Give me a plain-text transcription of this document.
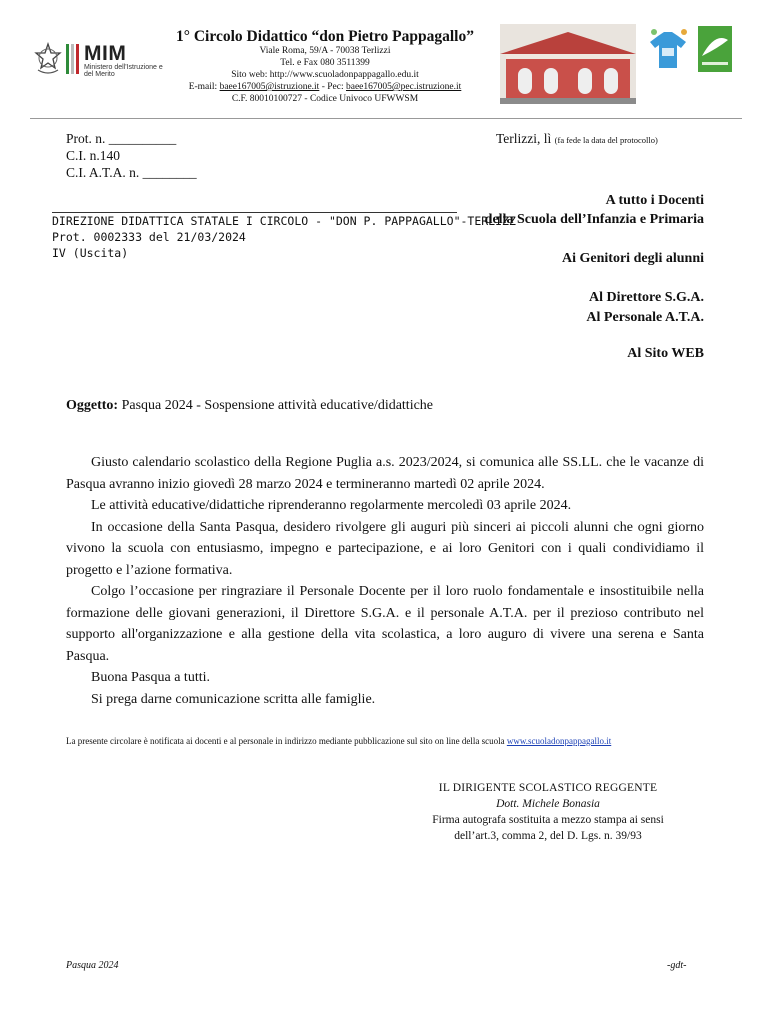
MIM
Ministero dell'Istruzione e del Merito
1° Circolo Didattico “don Pietro Pappagallo”
Viale Roma, 59/A - 70038 Terlizzi
Tel. e Fax 080 3511399
Sito web: http://www.scuoladonpappagallo.edu.it
E-mail: baee167005@istruzione.it - Pec: baee167005@pec.istruzione.it
C.F. 80010100727 - Codice Univoco UFWWSM
Prot. n. __________
C.I. n.140
C.I. A.T.A. n. ________
Terlizzi, lì (fa fede la data del protocollo)
DIREZIONE DIDATTICA STATALE I CIRCOLO - "DON P. PAPPAGALLO"-TERLIZZ
Prot. 0002333 del 21/03/2024
IV (Uscita)
A tutto i Docenti
della Scuola dell’Infanzia e Primaria
Ai Genitori degli alunni
Al Direttore S.G.A.
Al Personale A.T.A.
Al Sito WEB
Oggetto: Pasqua 2024 - Sospensione attività educative/didattiche

Giusto calendario scolastico della Regione Puglia a.s. 2023/2024, si comunica alle SS.LL. che le vacanze di Pasqua avranno inizio giovedì 28 marzo 2024 e termineranno martedì 02 aprile 2024.

Le attività educative/didattiche riprenderanno regolarmente mercoledì 03 aprile 2024.

In occasione della Santa Pasqua, desidero rivolgere gli auguri più sinceri ai piccoli alunni che ogni giorno vivono la scuola con entusiasmo, impegno e partecipazione, e ai loro Genitori con i quali condividiamo il progetto e l’azione formativa.

Colgo l’occasione per ringraziare il Personale Docente per il loro ruolo fondamentale e insostituibile nella formazione delle giovani generazioni, il Direttore S.G.A. e il personale A.T.A. per il prezioso contributo nel supporto all'organizzazione e alla gestione della vita scolastica, a loro auguro di vivere una serena e Santa Pasqua.

Buona Pasqua a tutti.

Si prega darne comunicazione scritta alle famiglie.

La presente circolare è notificata ai docenti e al personale in indirizzo mediante pubblicazione sul sito on line della scuola www.scuoladonpappagallo.it
IL DIRIGENTE SCOLASTICO REGGENTE
Dott. Michele Bonasia
Firma autografa sostituita a mezzo stampa ai sensi
dell’art.3, comma 2, del D. Lgs. n. 39/93
Pasqua 2024	-gdt-
